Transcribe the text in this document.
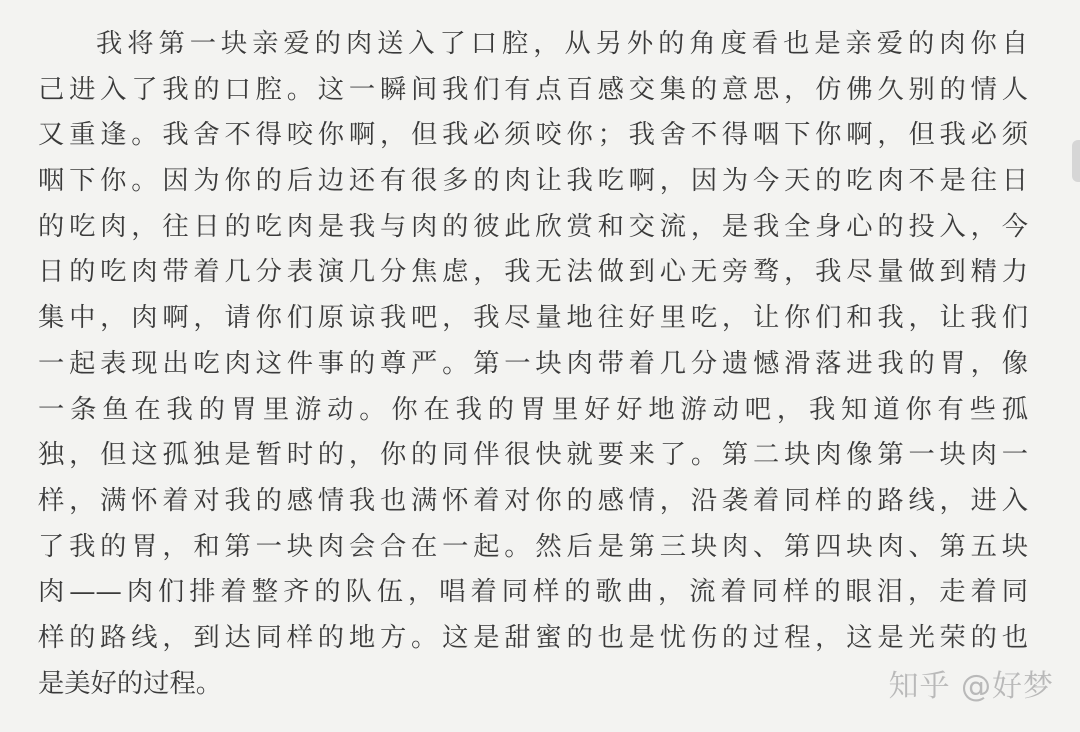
我将第一块亲爱的肉送入了口腔，从另外的角度看也是亲爱的肉你自
己进入了我的口腔。这一瞬间我们有点百感交集的意思，仿佛久别的情人
又重逢。我舍不得咬你啊，但我必须咬你；我舍不得咽下你啊，但我必须
咽下你。因为你的后边还有很多的肉让我吃啊，因为今天的吃肉不是往日
的吃肉，往日的吃肉是我与肉的彼此欣赏和交流，是我全身心的投入，今
日的吃肉带着几分表演几分焦虑，我无法做到心无旁骛，我尽量做到精力
集中，肉啊，请你们原谅我吧，我尽量地往好里吃，让你们和我，让我们
一起表现出吃肉这件事的尊严。第一块肉带着几分遗憾滑落进我的胃，像
一条鱼在我的胃里游动。你在我的胃里好好地游动吧，我知道你有些孤
独，但这孤独是暂时的，你的同伴很快就要来了。第二块肉像第一块肉一
样，满怀着对我的感情我也满怀着对你的感情，沿袭着同样的路线，进入
了我的胃，和第一块肉会合在一起。然后是第三块肉、第四块肉、第五块
肉——肉们排着整齐的队伍，唱着同样的歌曲，流着同样的眼泪，走着同
样的路线，到达同样的地方。这是甜蜜的也是忧伤的过程，这是光荣的也
是美好的过程。	知乎 @好梦
